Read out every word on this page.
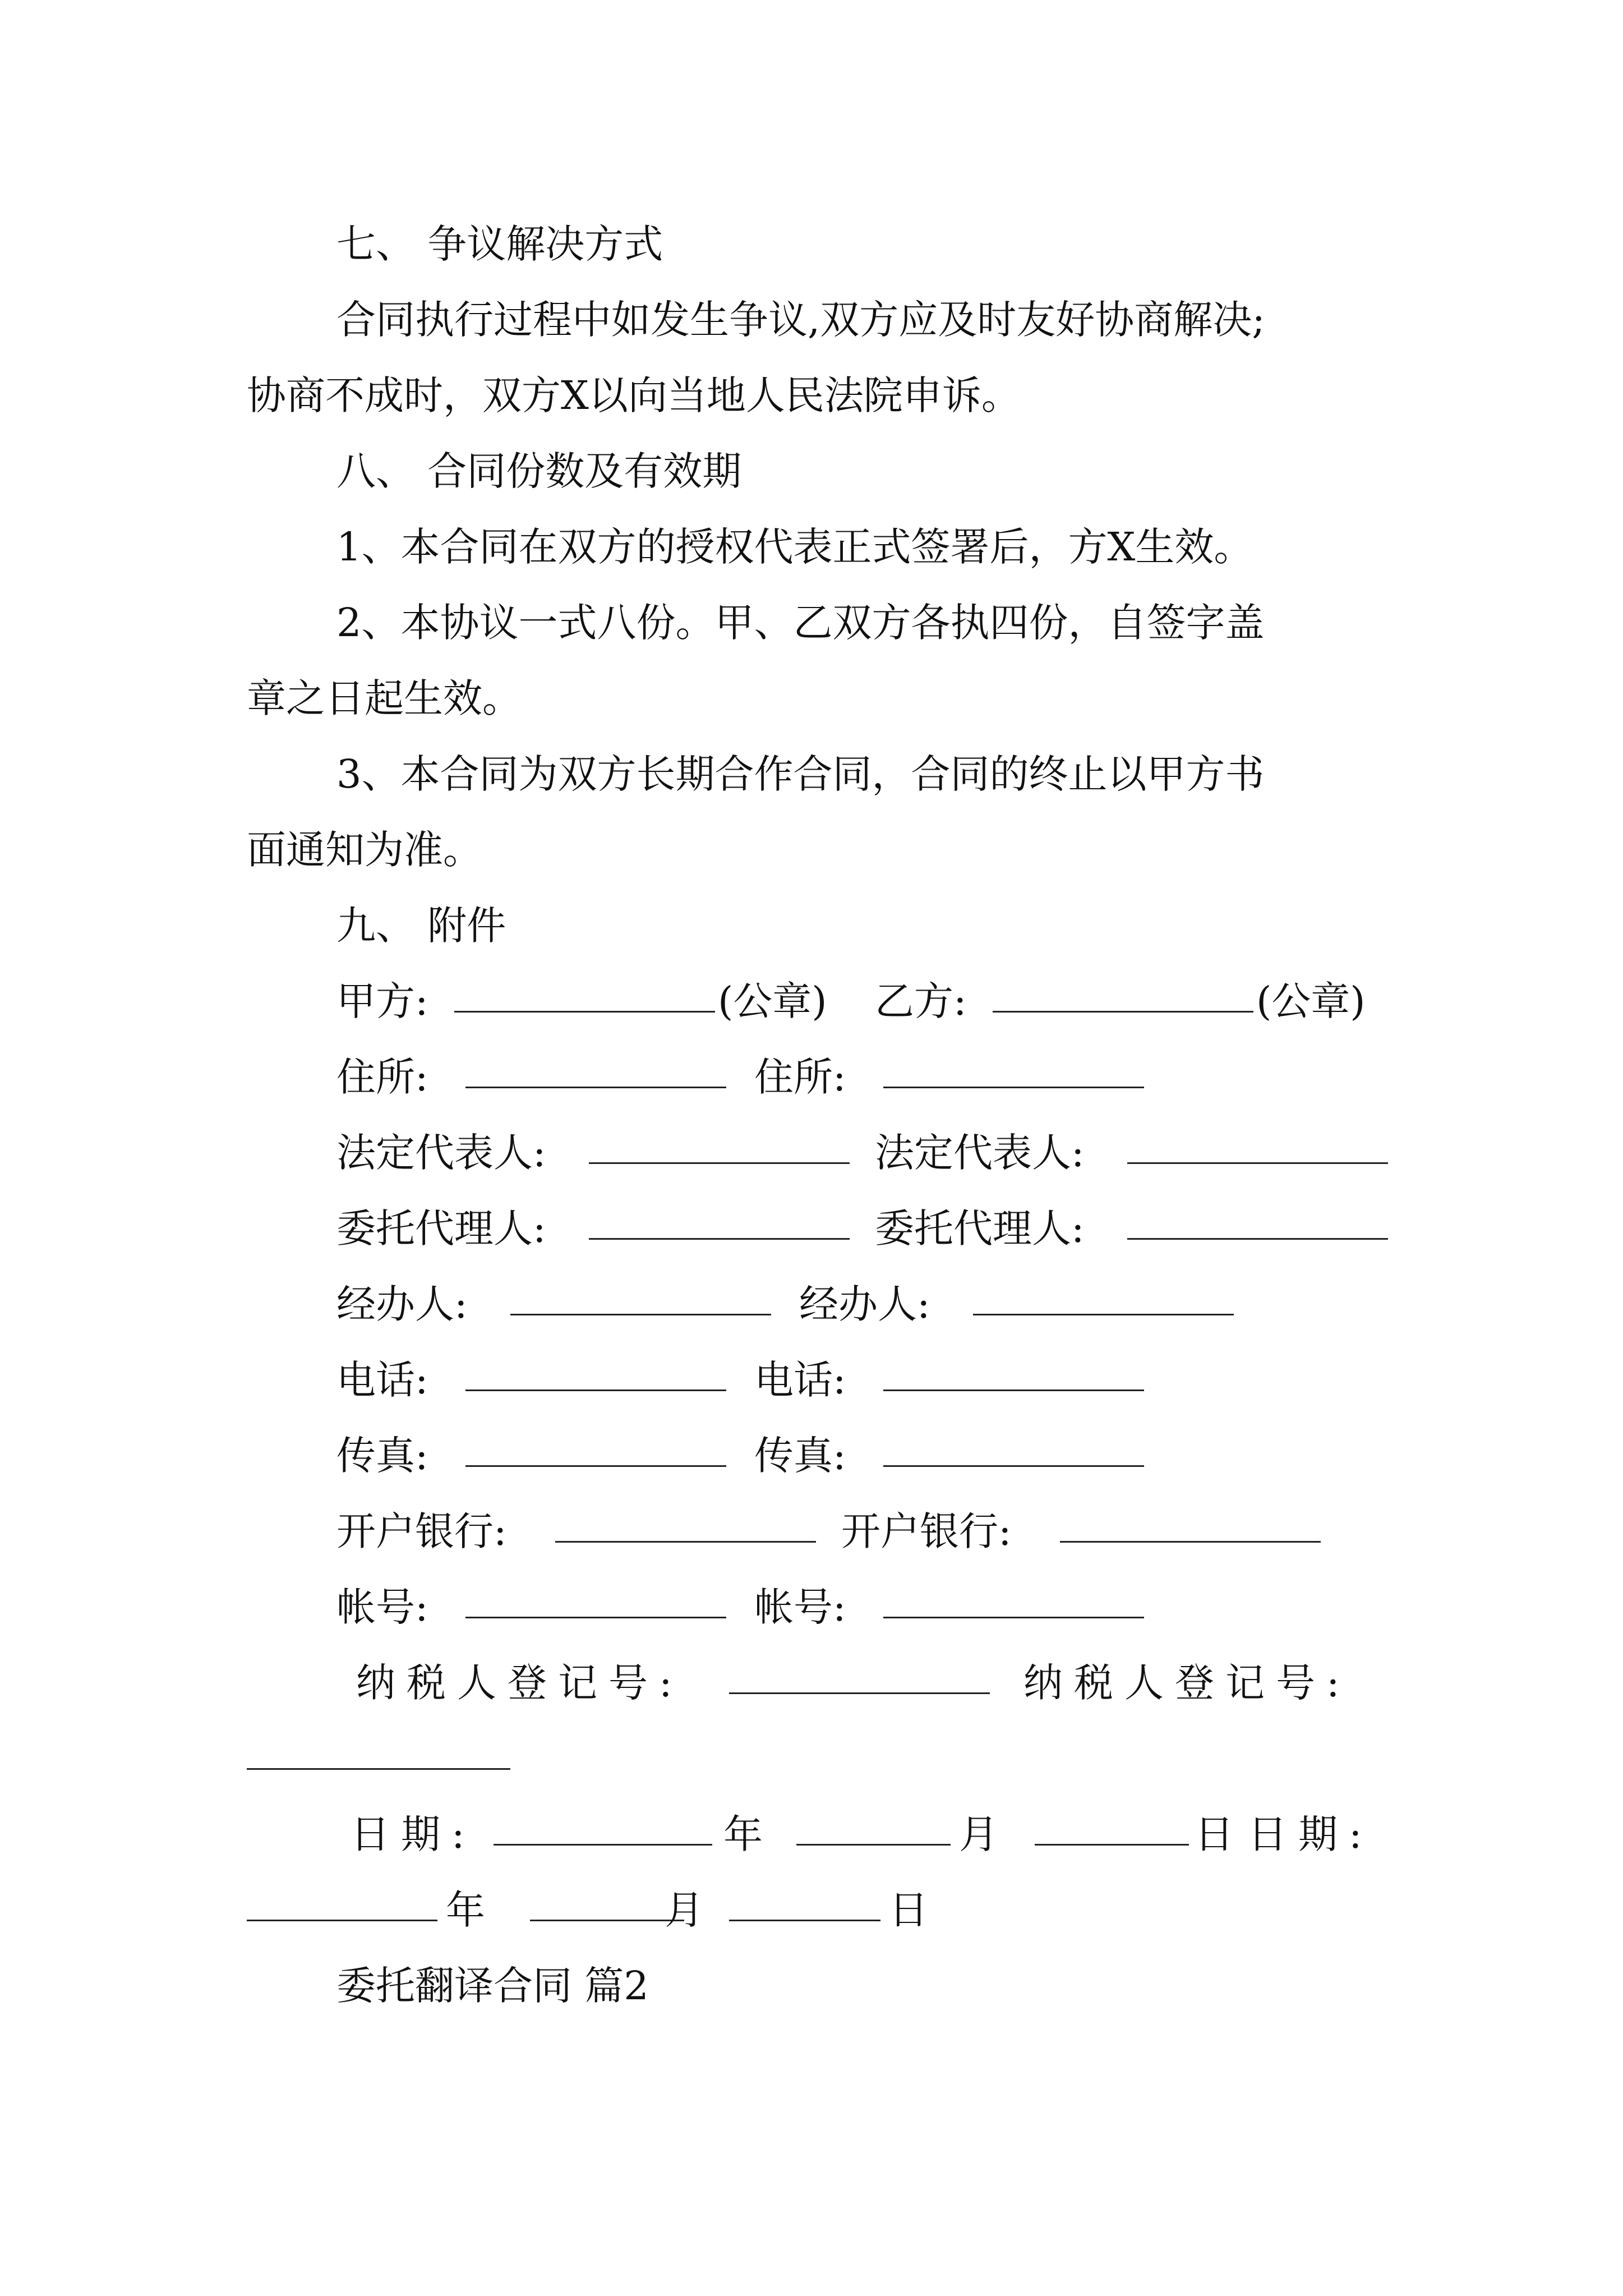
七、 争议解决方式
合同执行过程中如发生争议,双方应及时友好协商解决;
协商不成时，双方X以向当地人民法院申诉。
八、 合同份数及有效期
1、本合同在双方的授权代表正式签署后，方X生效。
2、本协议一式八份。甲、乙双方各执四份，自签字盖
章之日起生效。
3、本合同为双方长期合作合同，合同的终止以甲方书
面通知为准。
九、 附件
甲方:	(公章) 乙方:	(公章)
住所:	住所:
法定代表人:	法定代表人:
委托代理人:	委托代理人:
经办人:	经办人:
电话:	电话:
传真:	传真:
开户银行:	开户银行:
帐号:	帐号:
纳税人登记号:	纳税人登记号:
日期:	年	月	日 日期:
年	月	日
委托翻译合同 篇2
